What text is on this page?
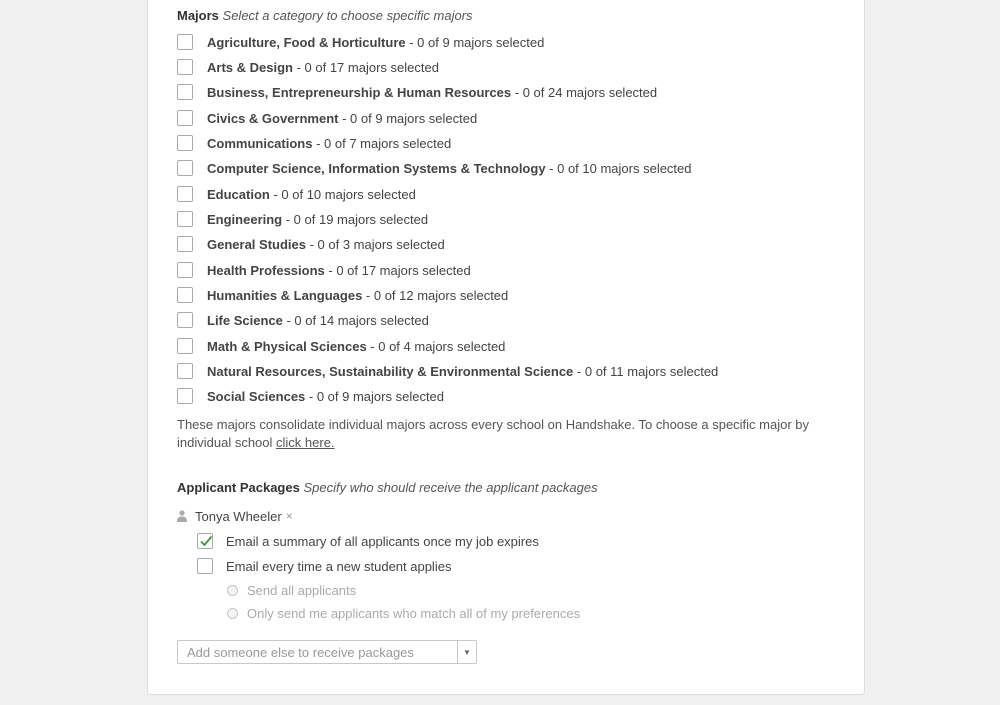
Majors Select a category to choose specific majors
Agriculture, Food & Horticulture - 0 of 9 majors selected
Arts & Design - 0 of 17 majors selected
Business, Entrepreneurship & Human Resources - 0 of 24 majors selected
Civics & Government - 0 of 9 majors selected
Communications - 0 of 7 majors selected
Computer Science, Information Systems & Technology - 0 of 10 majors selected
Education - 0 of 10 majors selected
Engineering - 0 of 19 majors selected
General Studies - 0 of 3 majors selected
Health Professions - 0 of 17 majors selected
Humanities & Languages - 0 of 12 majors selected
Life Science - 0 of 14 majors selected
Math & Physical Sciences - 0 of 4 majors selected
Natural Resources, Sustainability & Environmental Science - 0 of 11 majors selected
Social Sciences - 0 of 9 majors selected
These majors consolidate individual majors across every school on Handshake. To choose a specific major by individual school click here.
Applicant Packages Specify who should receive the applicant packages
Tonya Wheeler ×
Email a summary of all applicants once my job expires
Email every time a new student applies
Send all applicants
Only send me applicants who match all of my preferences
Add someone else to receive packages	▼
